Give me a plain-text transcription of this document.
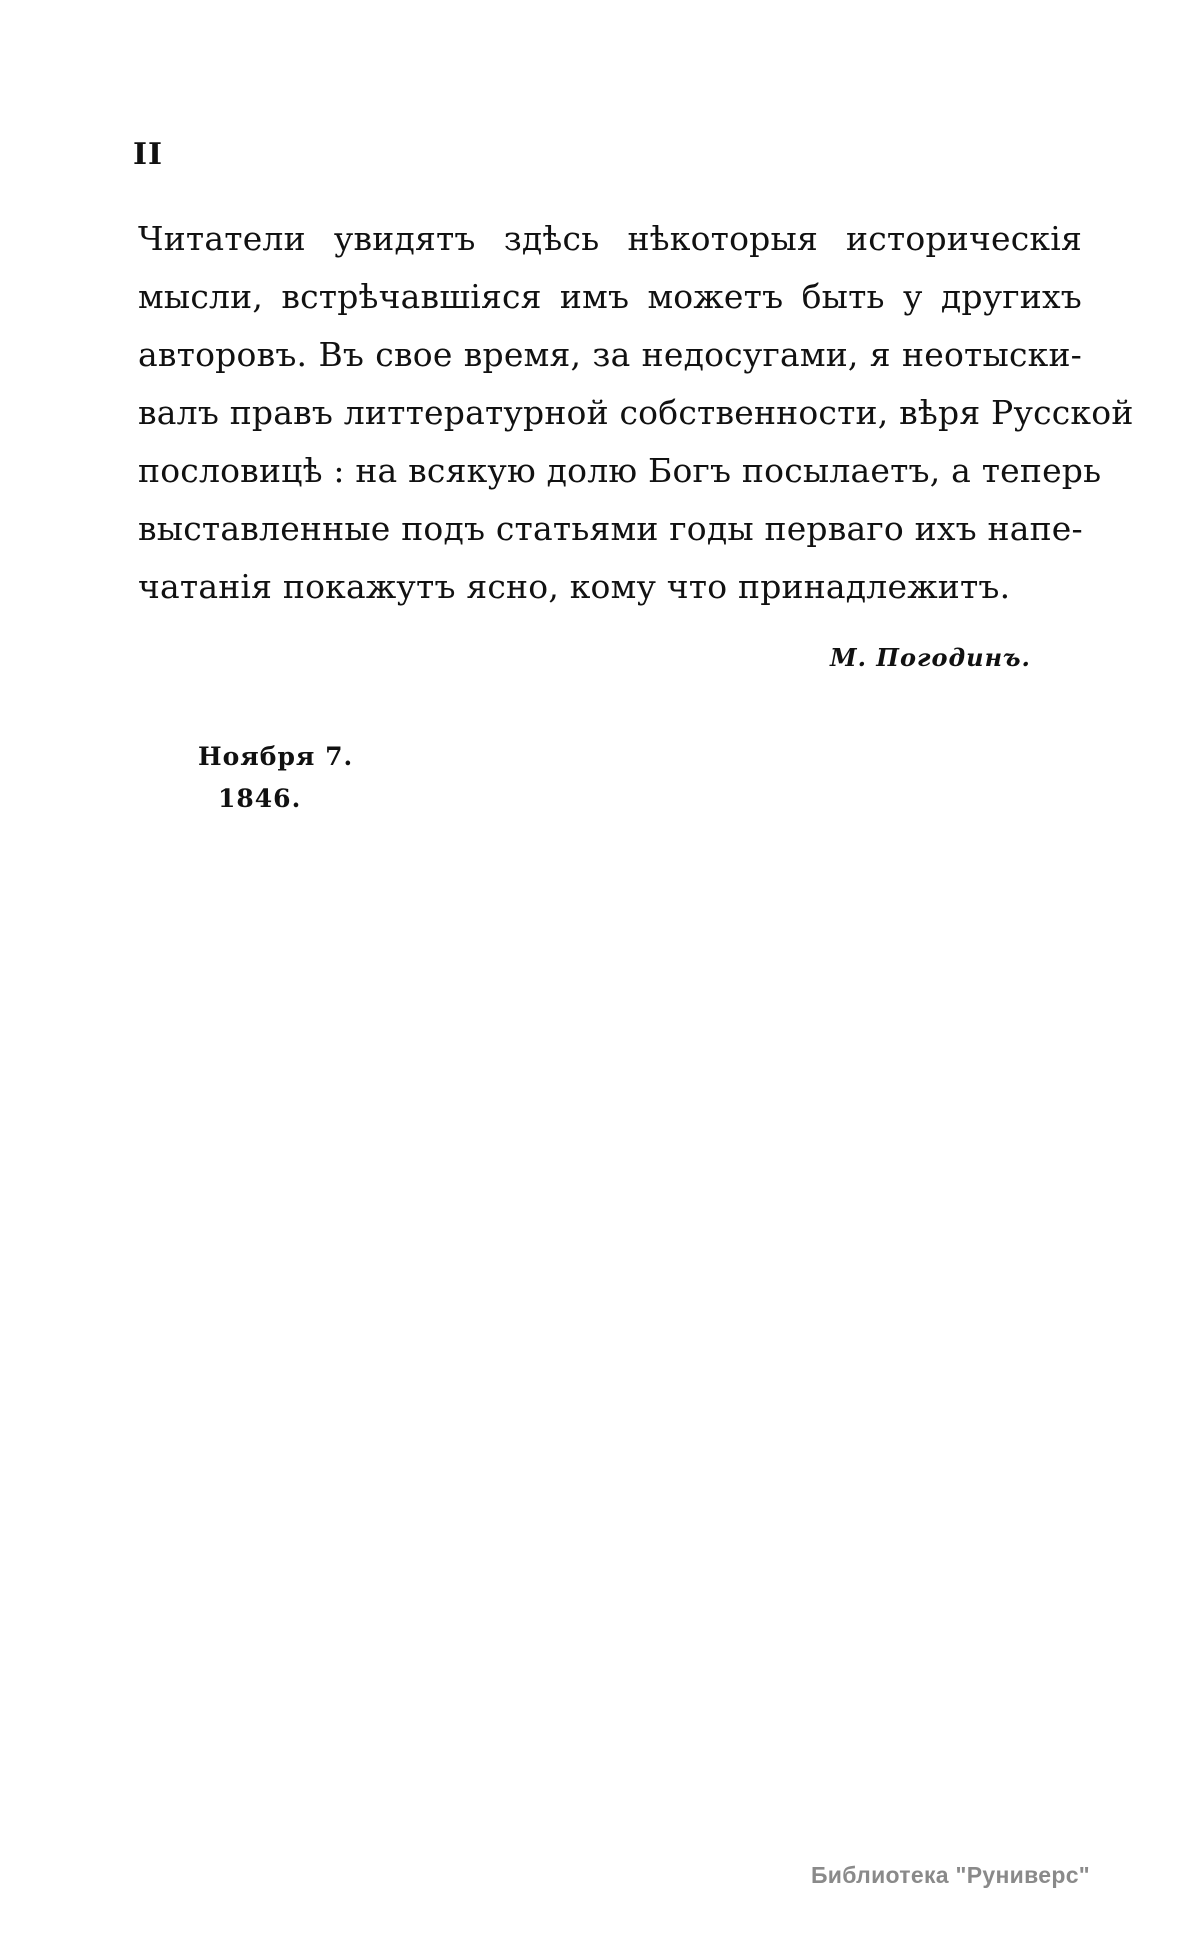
II
Читатели увидятъ здѣсь нѣкоторыя историческія
мысли, встрѣчавшіяся имъ можетъ быть у другихъ
авторовъ. Въ свое время, за недосугами, я неотыски-
валъ правъ литтературной собственности, вѣря Русской
пословицѣ : на всякую долю Богъ посылаетъ, а теперь
выставленные подъ статьями годы перваго ихъ напе-
чатанія покажутъ ясно, кому что принадлежитъ.
М. Погодинъ.
Ноября 7.
1846.
Библиотека "Руниверс"
